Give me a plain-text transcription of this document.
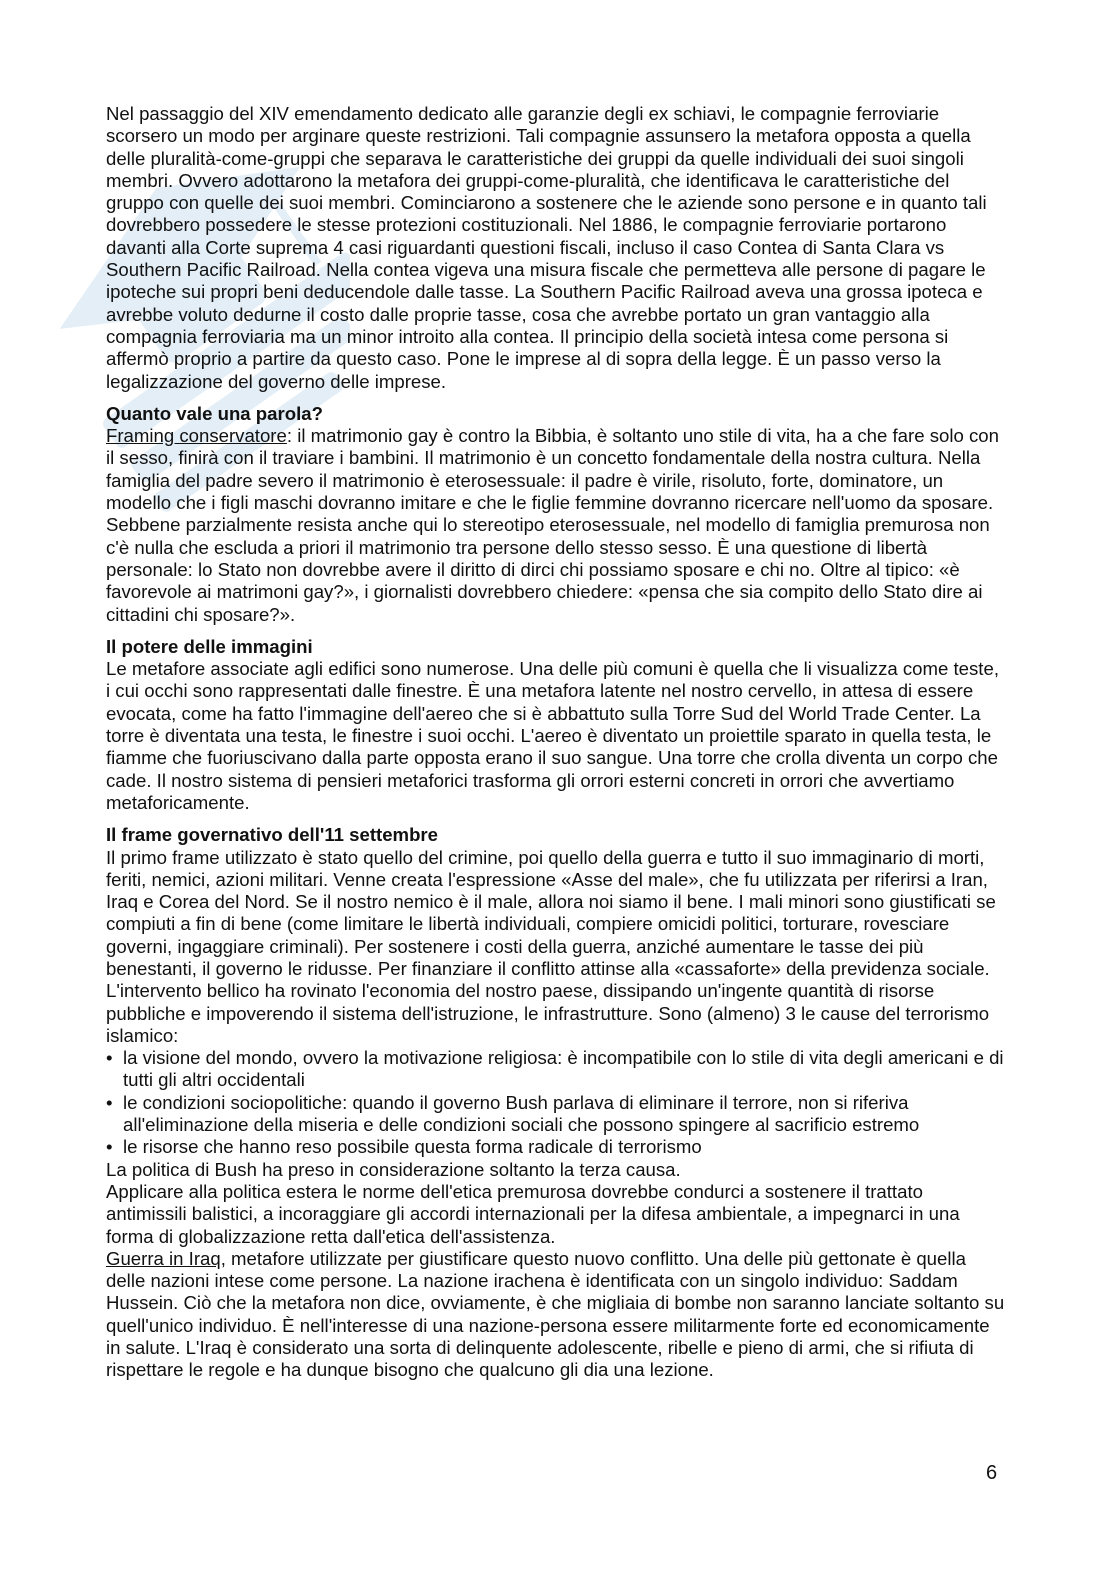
Nel passaggio del XIV emendamento dedicato alle garanzie degli ex schiavi, le compagnie ferroviarie scorsero un modo per arginare queste restrizioni. Tali compagnie assunsero la metafora opposta a quella delle pluralità-come-gruppi che separava le caratteristiche dei gruppi da quelle individuali dei suoi singoli membri. Ovvero adottarono la metafora dei gruppi-come-pluralità, che identificava le caratteristiche del gruppo con quelle dei suoi membri. Cominciarono a sostenere che le aziende sono persone e in quanto tali dovrebbero possedere le stesse protezioni costituzionali. Nel 1886, le compagnie ferroviarie portarono davanti alla Corte suprema 4 casi riguardanti questioni fiscali, incluso il caso Contea di Santa Clara vs Southern Pacific Railroad. Nella contea vigeva una misura fiscale che permetteva alle persone di pagare le ipoteche sui propri beni deducendole dalle tasse. La Southern Pacific Railroad aveva una grossa ipoteca e avrebbe voluto dedurne il costo dalle proprie tasse, cosa che avrebbe portato un gran vantaggio alla compagnia ferroviaria ma un minor introito alla contea. Il principio della società intesa come persona si affermò proprio a partire da questo caso. Pone le imprese al di sopra della legge. È un passo verso la legalizzazione del governo delle imprese.

Quanto vale una parola?

Framing conservatore: il matrimonio gay è contro la Bibbia, è soltanto uno stile di vita, ha a che fare solo con il sesso, finirà con il traviare i bambini. Il matrimonio è un concetto fondamentale della nostra cultura. Nella famiglia del padre severo il matrimonio è eterosessuale: il padre è virile, risoluto, forte, dominatore, un modello che i figli maschi dovranno imitare e che le figlie femmine dovranno ricercare nell'uomo da sposare. Sebbene parzialmente resista anche qui lo stereotipo eterosessuale, nel modello di famiglia premurosa non c'è nulla che escluda a priori il matrimonio tra persone dello stesso sesso. È una questione di libertà personale: lo Stato non dovrebbe avere il diritto di dirci chi possiamo sposare e chi no. Oltre al tipico: «è favorevole ai matrimoni gay?», i giornalisti dovrebbero chiedere: «pensa che sia compito dello Stato dire ai cittadini chi sposare?».

Il potere delle immagini

Le metafore associate agli edifici sono numerose. Una delle più comuni è quella che li visualizza come teste, i cui occhi sono rappresentati dalle finestre. È una metafora latente nel nostro cervello, in attesa di essere evocata, come ha fatto l'immagine dell'aereo che si è abbattuto sulla Torre Sud del World Trade Center. La torre è diventata una testa, le finestre i suoi occhi. L'aereo è diventato un proiettile sparato in quella testa, le fiamme che fuoriuscivano dalla parte opposta erano il suo sangue. Una torre che crolla diventa un corpo che cade. Il nostro sistema di pensieri metaforici trasforma gli orrori esterni concreti in orrori che avvertiamo metaforicamente.

Il frame governativo dell'11 settembre

Il primo frame utilizzato è stato quello del crimine, poi quello della guerra e tutto il suo immaginario di morti, feriti, nemici, azioni militari. Venne creata l'espressione «Asse del male», che fu utilizzata per riferirsi a Iran, Iraq e Corea del Nord. Se il nostro nemico è il male, allora noi siamo il bene. I mali minori sono giustificati se compiuti a fin di bene (come limitare le libertà individuali, compiere omicidi politici, torturare, rovesciare governi, ingaggiare criminali). Per sostenere i costi della guerra, anziché aumentare le tasse dei più benestanti, il governo le ridusse. Per finanziare il conflitto attinse alla «cassaforte» della previdenza sociale. L'intervento bellico ha rovinato l'economia del nostro paese, dissipando un'ingente quantità di risorse pubbliche e impoverendo il sistema dell'istruzione, le infrastrutture. Sono (almeno) 3 le cause del terrorismo islamico:

• la visione del mondo, ovvero la motivazione religiosa: è incompatibile con lo stile di vita degli americani e di tutti gli altri occidentali
• le condizioni sociopolitiche: quando il governo Bush parlava di eliminare il terrore, non si riferiva all'eliminazione della miseria e delle condizioni sociali che possono spingere al sacrificio estremo
• le risorse che hanno reso possibile questa forma radicale di terrorismo

La politica di Bush ha preso in considerazione soltanto la terza causa.

Applicare alla politica estera le norme dell'etica premurosa dovrebbe condurci a sostenere il trattato antimissili balistici, a incoraggiare gli accordi internazionali per la difesa ambientale, a impegnarci in una forma di globalizzazione retta dall'etica dell'assistenza.

Guerra in Iraq, metafore utilizzate per giustificare questo nuovo conflitto. Una delle più gettonate è quella delle nazioni intese come persone. La nazione irachena è identificata con un singolo individuo: Saddam Hussein. Ciò che la metafora non dice, ovviamente, è che migliaia di bombe non saranno lanciate soltanto su quell'unico individuo. È nell'interesse di una nazione-persona essere militarmente forte ed economicamente in salute. L'Iraq è considerato una sorta di delinquente adolescente, ribelle e pieno di armi, che si rifiuta di rispettare le regole e ha dunque bisogno che qualcuno gli dia una lezione.

6
